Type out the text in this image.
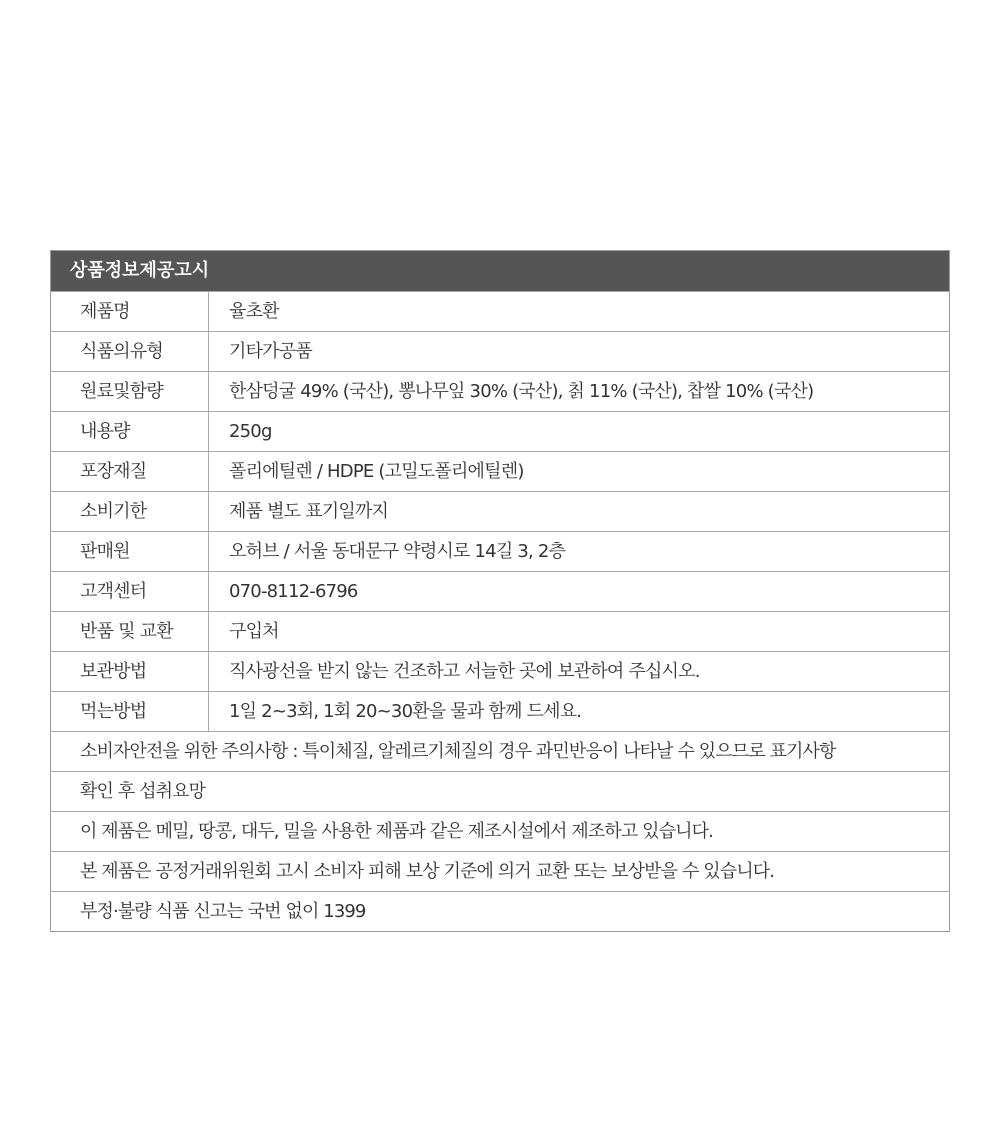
상품정보제공고시
제품명	율초환
식품의유형	기타가공품
원료및함량	한삼덩굴 49% (국산), 뽕나무잎 30% (국산), 칡 11% (국산), 찹쌀 10% (국산)
내용량	250g
포장재질	폴리에틸렌 / HDPE (고밀도폴리에틸렌)
소비기한	제품 별도 표기일까지
판매원	오허브 / 서울 동대문구 약령시로 14길 3, 2층
고객센터	070-8112-6796
반품 및 교환	구입처
보관방법	직사광선을 받지 않는 건조하고 서늘한 곳에 보관하여 주십시오.
먹는방법	1일 2~3회, 1회 20~30환을 물과 함께 드세요.
소비자안전을 위한 주의사항 : 특이체질, 알레르기체질의 경우 과민반응이 나타날 수 있으므로 표기사항
확인 후 섭취요망
이 제품은 메밀, 땅콩, 대두, 밀을 사용한 제품과 같은 제조시설에서 제조하고 있습니다.
본 제품은 공정거래위원회 고시 소비자 피해 보상 기준에 의거 교환 또는 보상받을 수 있습니다.
부정·불량 식품 신고는 국번 없이 1399
